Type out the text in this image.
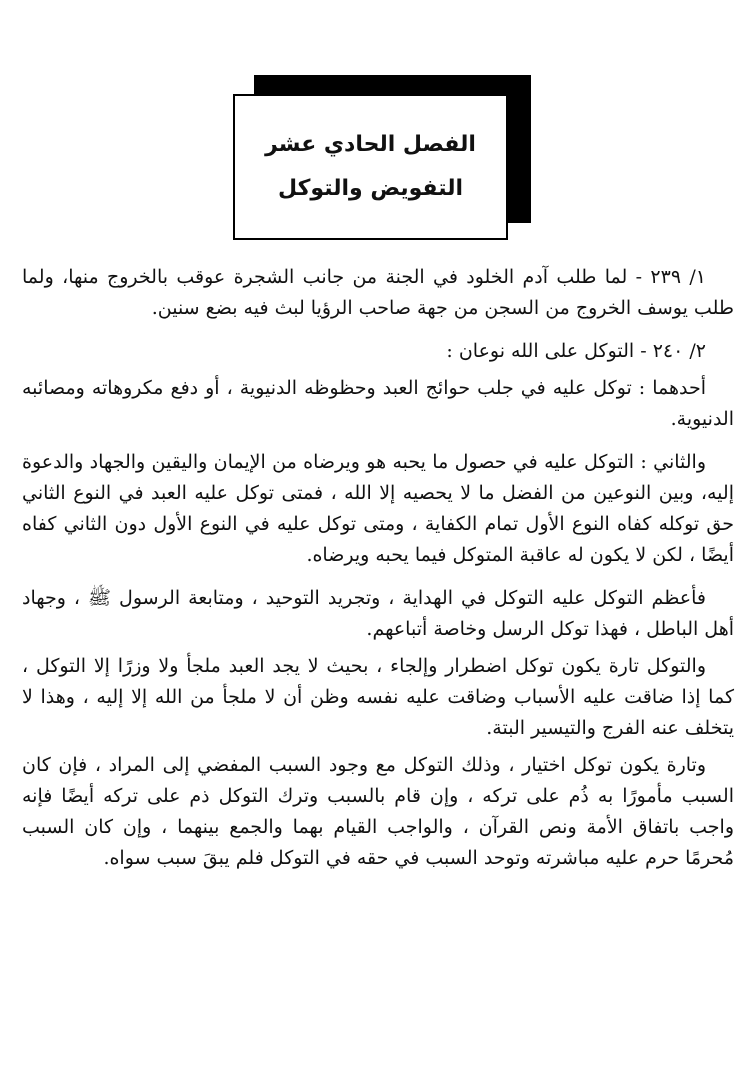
الفصل الحادي عشر
التفويض والتوكل

١/ ٢٣٩ - لما طلب آدم الخلود في الجنة من جانب الشجرة عوقب بالخروج منها، ولما طلب يوسف الخروج من السجن من جهة صاحب الرؤيا لبث فيه بضع سنين.

٢/ ٢٤٠ - التوكل على الله نوعان :

أحدهما : توكل عليه في جلب حوائج العبد وحظوظه الدنيوية ، أو دفع مكروهاته ومصائبه الدنيوية.

والثاني : التوكل عليه في حصول ما يحبه هو ويرضاه من الإيمان واليقين والجهاد والدعوة إليه، وبين النوعين من الفضل ما لا يحصيه إلا الله ، فمتى توكل عليه العبد في النوع الثاني حق توكله كفاه النوع الأول تمام الكفاية ، ومتى توكل عليه في النوع الأول دون الثاني كفاه أيضًا ، لكن لا يكون له عاقبة المتوكل فيما يحبه ويرضاه.

فأعظم التوكل عليه التوكل في الهداية ، وتجريد التوحيد ، ومتابعة الرسول ﷺ ، وجهاد أهل الباطل ، فهذا توكل الرسل وخاصة أتباعهم.

والتوكل تارة يكون توكل اضطرار وإلجاء ، بحيث لا يجد العبد ملجأ ولا وزرًا إلا التوكل ، كما إذا ضاقت عليه الأسباب وضاقت عليه نفسه وظن أن لا ملجأ من الله إلا إليه ، وهذا لا يتخلف عنه الفرج والتيسير البتة.

وتارة يكون توكل اختيار ، وذلك التوكل مع وجود السبب المفضي إلى المراد ، فإن كان السبب مأمورًا به ذُم على تركه ، وإن قام بالسبب وترك التوكل ذم على تركه أيضًا فإنه واجب باتفاق الأمة ونص القرآن ، والواجب القيام بهما والجمع بينهما ، وإن كان السبب مُحرمًا حرم عليه مباشرته وتوحد السبب في حقه في التوكل فلم يبقَ سبب سواه.
